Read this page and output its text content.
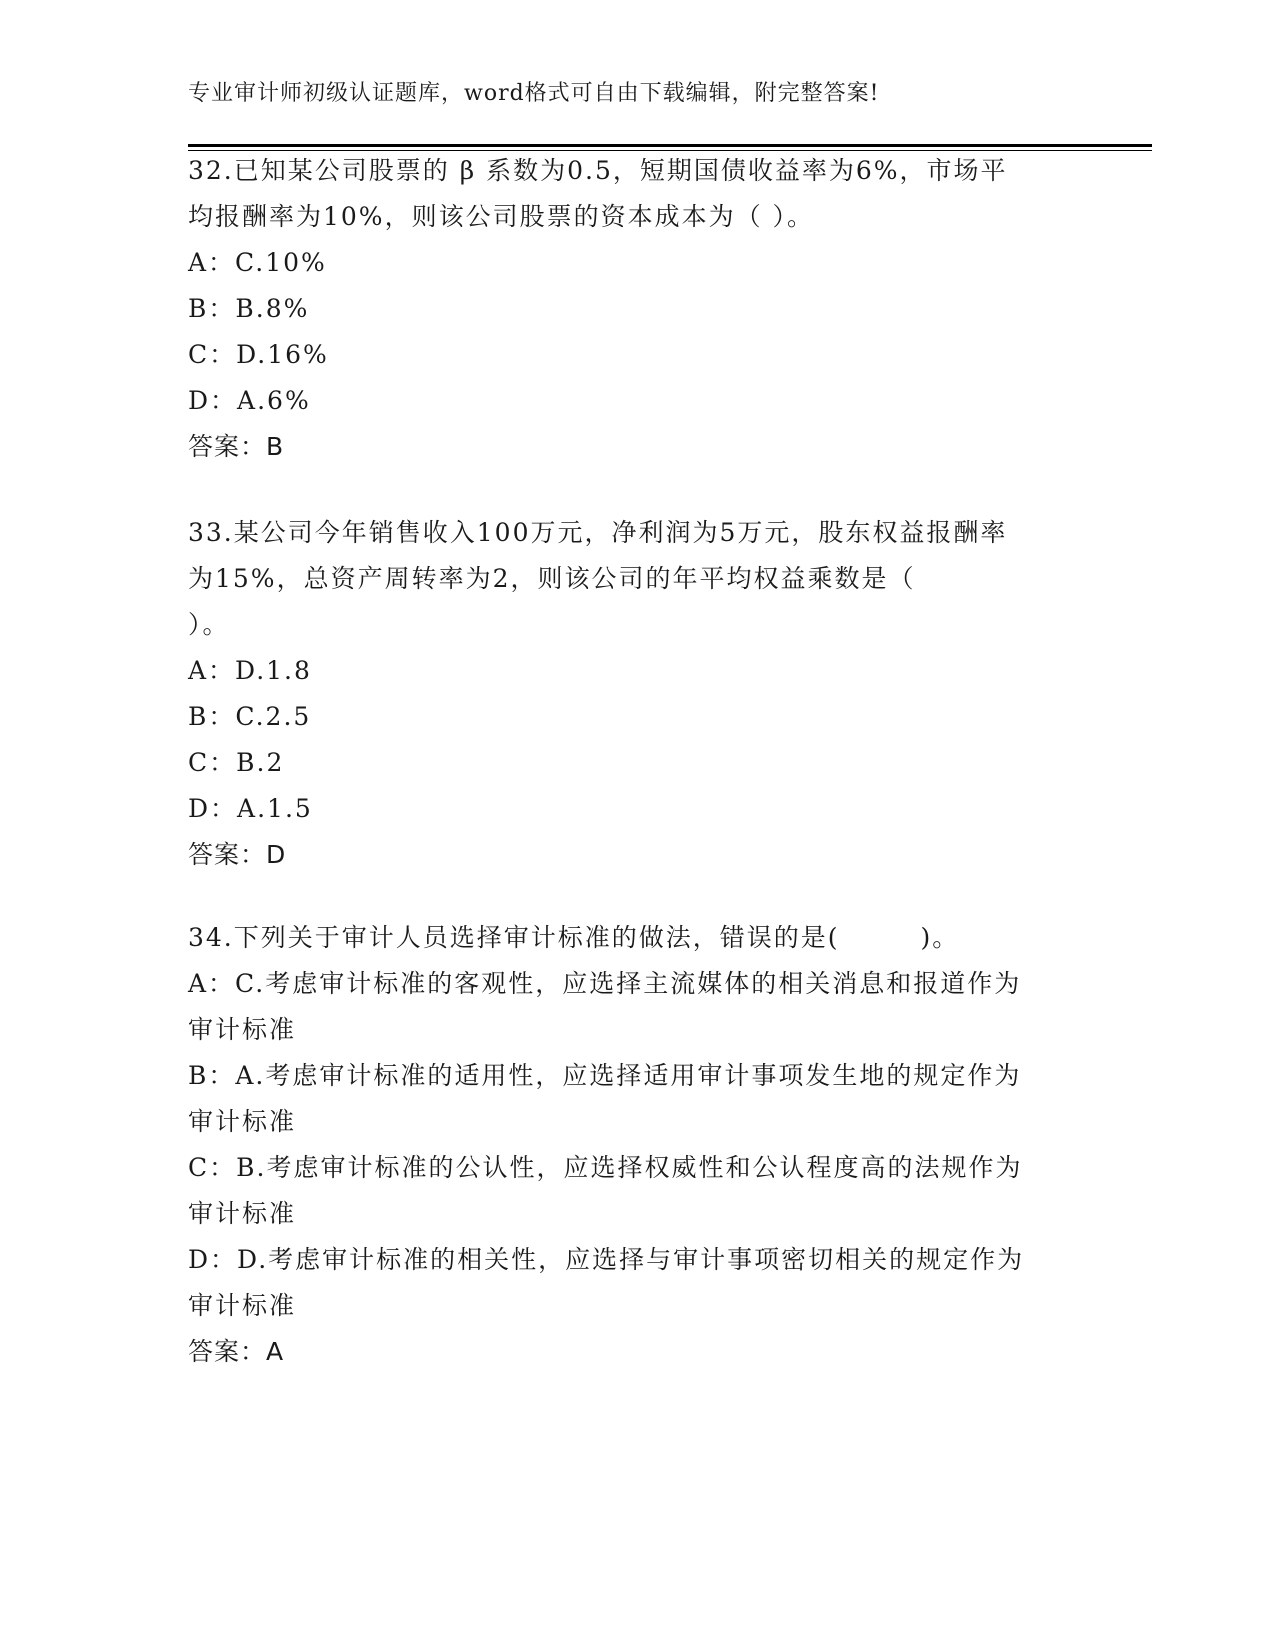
专业审计师初级认证题库，word格式可自由下载编辑，附完整答案!
32.已知某公司股票的 β 系数为0.5，短期国债收益率为6%，市场平
均报酬率为10%，则该公司股票的资本成本为（ ）。
A：C.10%
B：B.8%
C：D.16%
D：A.6%
答案：B
33.某公司今年销售收入100万元，净利润为5万元，股东权益报酬率
为15%，总资产周转率为2，则该公司的年平均权益乘数是（
）。
A：D.1.8
B：C.2.5
C：B.2
D：A.1.5
答案：D
34.下列关于审计人员选择审计标准的做法，错误的是(　　　)。
A：C.考虑审计标准的客观性，应选择主流媒体的相关消息和报道作为
审计标准
B：A.考虑审计标准的适用性，应选择适用审计事项发生地的规定作为
审计标准
C：B.考虑审计标准的公认性，应选择权威性和公认程度高的法规作为
审计标准
D：D.考虑审计标准的相关性，应选择与审计事项密切相关的规定作为
审计标准
答案：A
